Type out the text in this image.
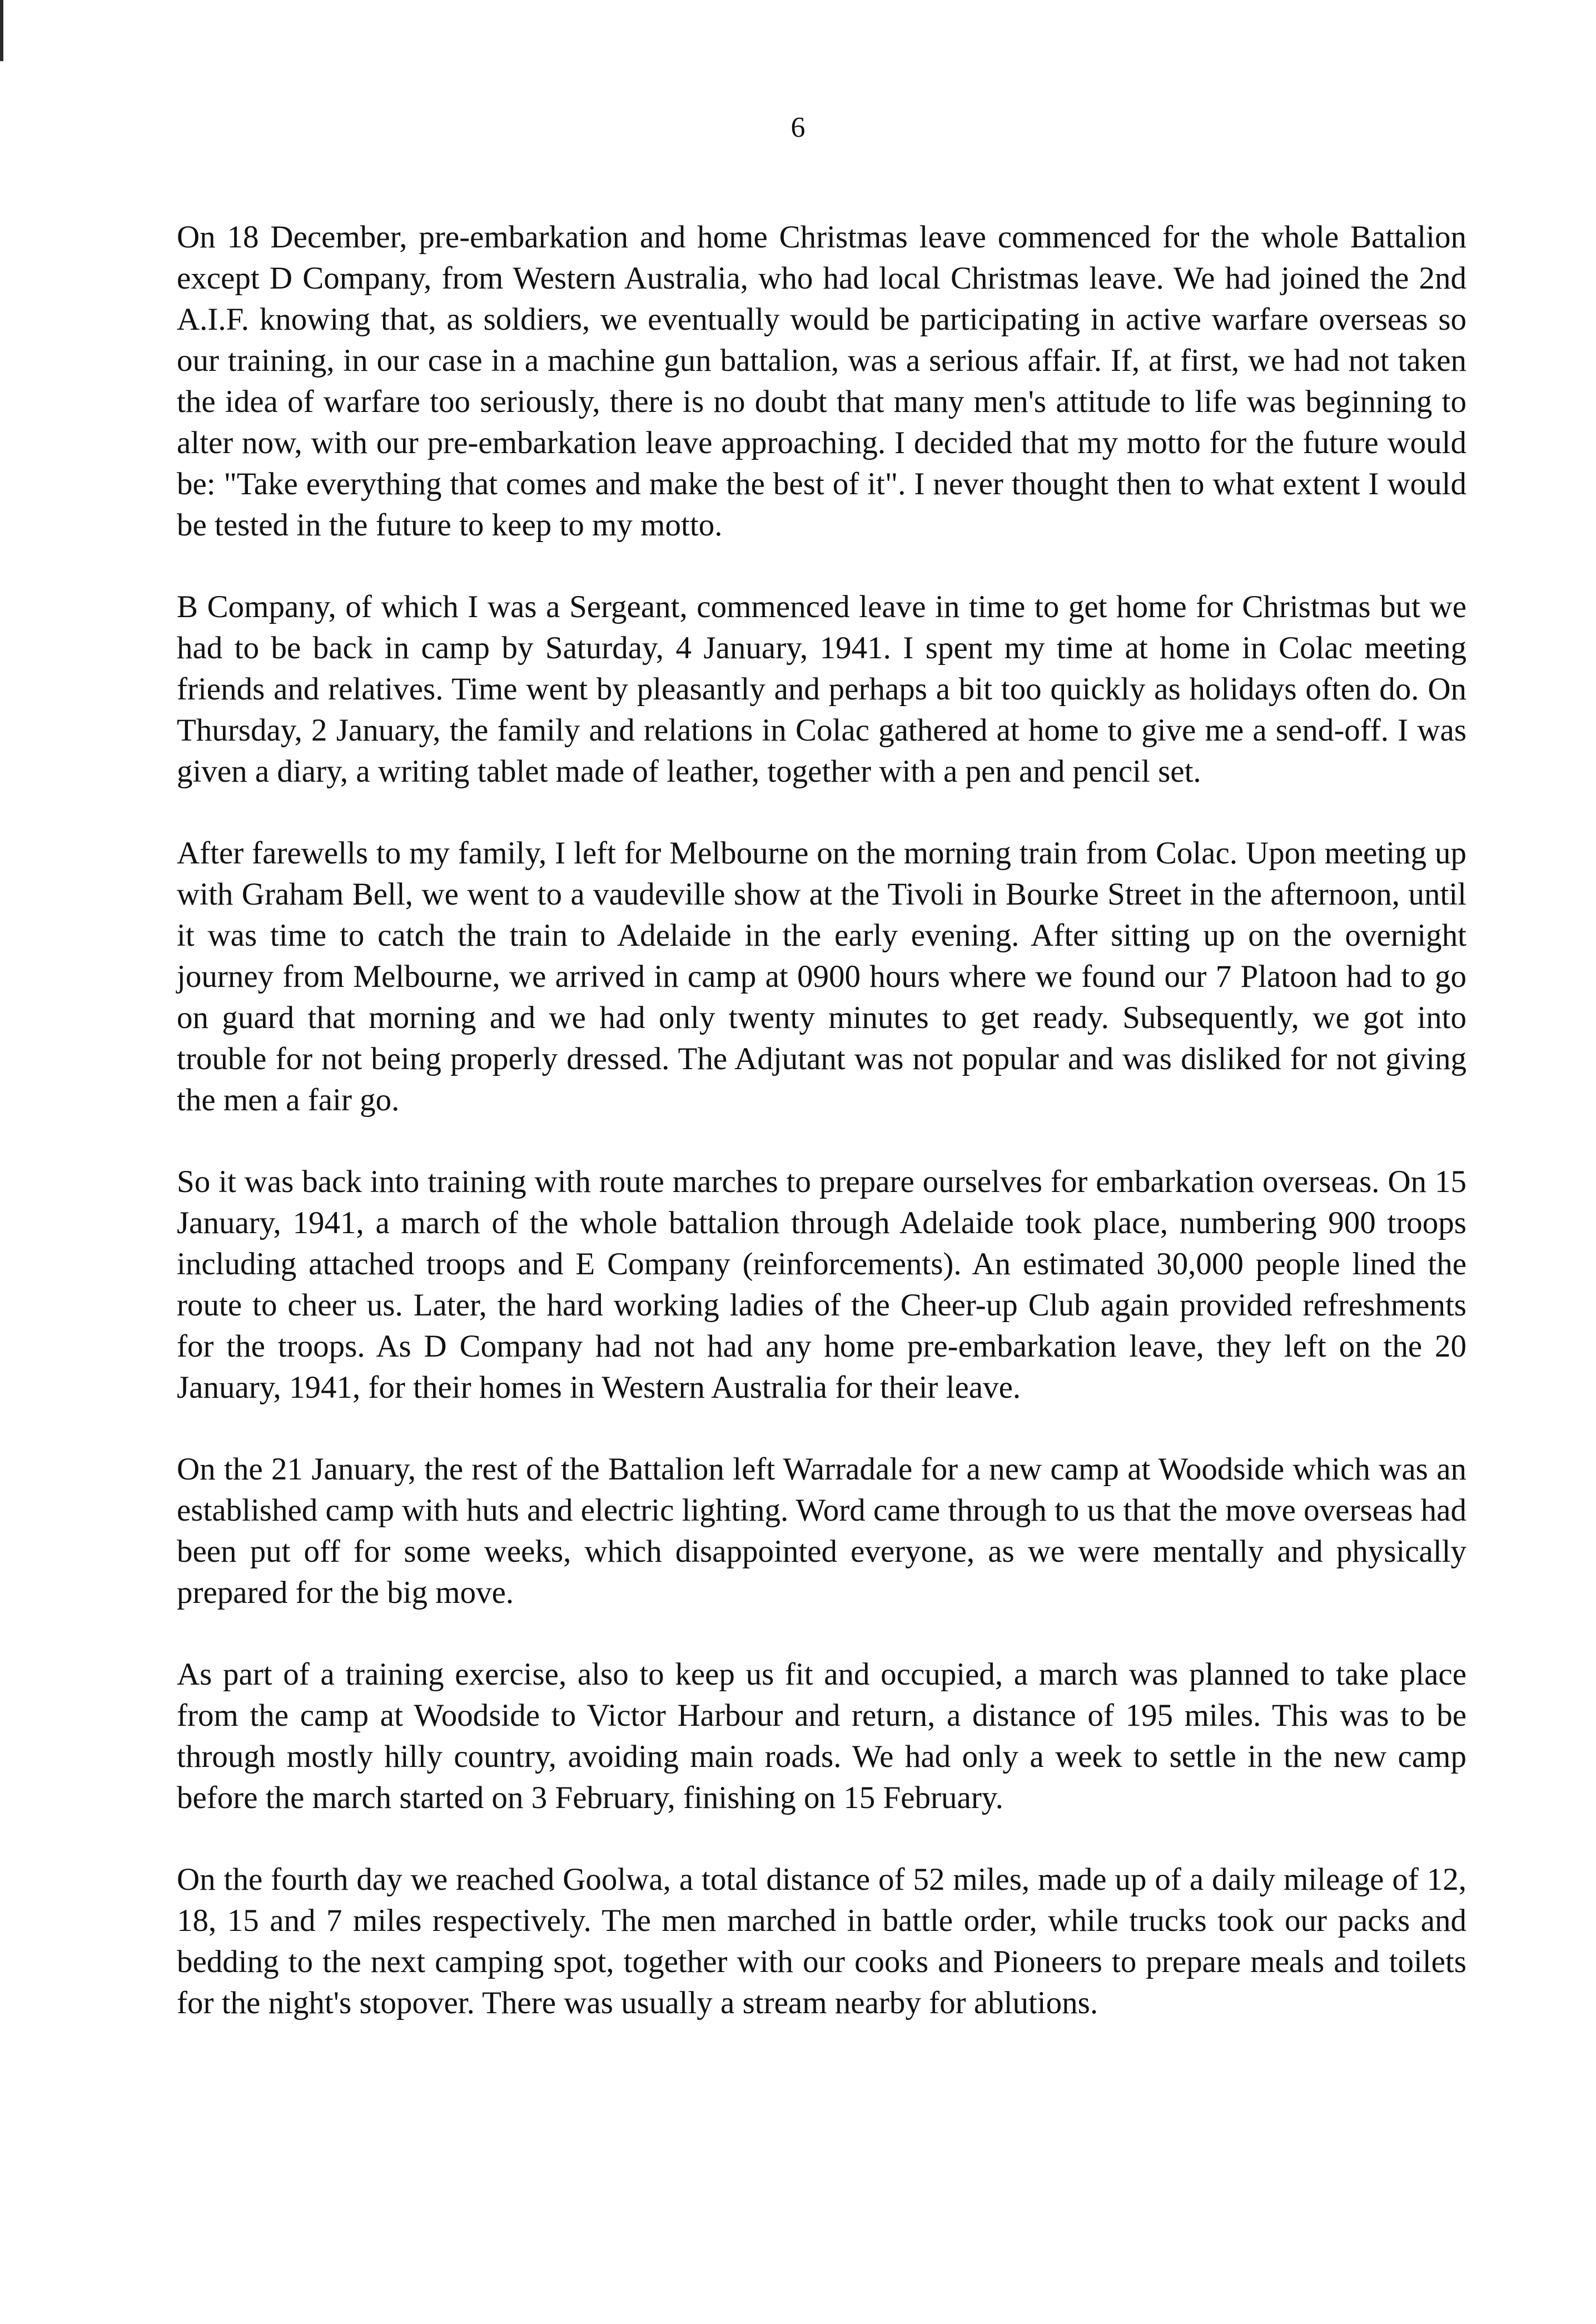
6

On 18 December, pre-embarkation and home Christmas leave commenced for the whole Battalion except D Company, from Western Australia, who had local Christmas leave. We had joined the 2nd A.I.F. knowing that, as soldiers, we eventually would be participating in active warfare overseas so our training, in our case in a machine gun battalion, was a serious affair. If, at first, we had not taken the idea of warfare too seriously, there is no doubt that many men's attitude to life was beginning to alter now, with our pre-embarkation leave approaching. I decided that my motto for the future would be: "Take everything that comes and make the best of it". I never thought then to what extent I would be tested in the future to keep to my motto.

B Company, of which I was a Sergeant, commenced leave in time to get home for Christmas but we had to be back in camp by Saturday, 4 January, 1941. I spent my time at home in Colac meeting friends and relatives. Time went by pleasantly and perhaps a bit too quickly as holidays often do. On Thursday, 2 January, the family and relations in Colac gathered at home to give me a send-off. I was given a diary, a writing tablet made of leather, together with a pen and pencil set.

After farewells to my family, I left for Melbourne on the morning train from Colac. Upon meeting up with Graham Bell, we went to a vaudeville show at the Tivoli in Bourke Street in the afternoon, until it was time to catch the train to Adelaide in the early evening. After sitting up on the overnight journey from Melbourne, we arrived in camp at 0900 hours where we found our 7 Platoon had to go on guard that morning and we had only twenty minutes to get ready. Subsequently, we got into trouble for not being properly dressed. The Adjutant was not popular and was disliked for not giving the men a fair go.

So it was back into training with route marches to prepare ourselves for embarkation overseas. On 15 January, 1941, a march of the whole battalion through Adelaide took place, numbering 900 troops including attached troops and E Company (reinforcements). An estimated 30,000 people lined the route to cheer us. Later, the hard working ladies of the Cheer-up Club again provided refreshments for the troops. As D Company had not had any home pre-embarkation leave, they left on the 20 January, 1941, for their homes in Western Australia for their leave.

On the 21 January, the rest of the Battalion left Warradale for a new camp at Woodside which was an established camp with huts and electric lighting. Word came through to us that the move overseas had been put off for some weeks, which disappointed everyone, as we were mentally and physically prepared for the big move.

As part of a training exercise, also to keep us fit and occupied, a march was planned to take place from the camp at Woodside to Victor Harbour and return, a distance of 195 miles. This was to be through mostly hilly country, avoiding main roads. We had only a week to settle in the new camp before the march started on 3 February, finishing on 15 February.

On the fourth day we reached Goolwa, a total distance of 52 miles, made up of a daily mileage of 12, 18, 15 and 7 miles respectively. The men marched in battle order, while trucks took our packs and bedding to the next camping spot, together with our cooks and Pioneers to prepare meals and toilets for the night's stopover. There was usually a stream nearby for ablutions.
